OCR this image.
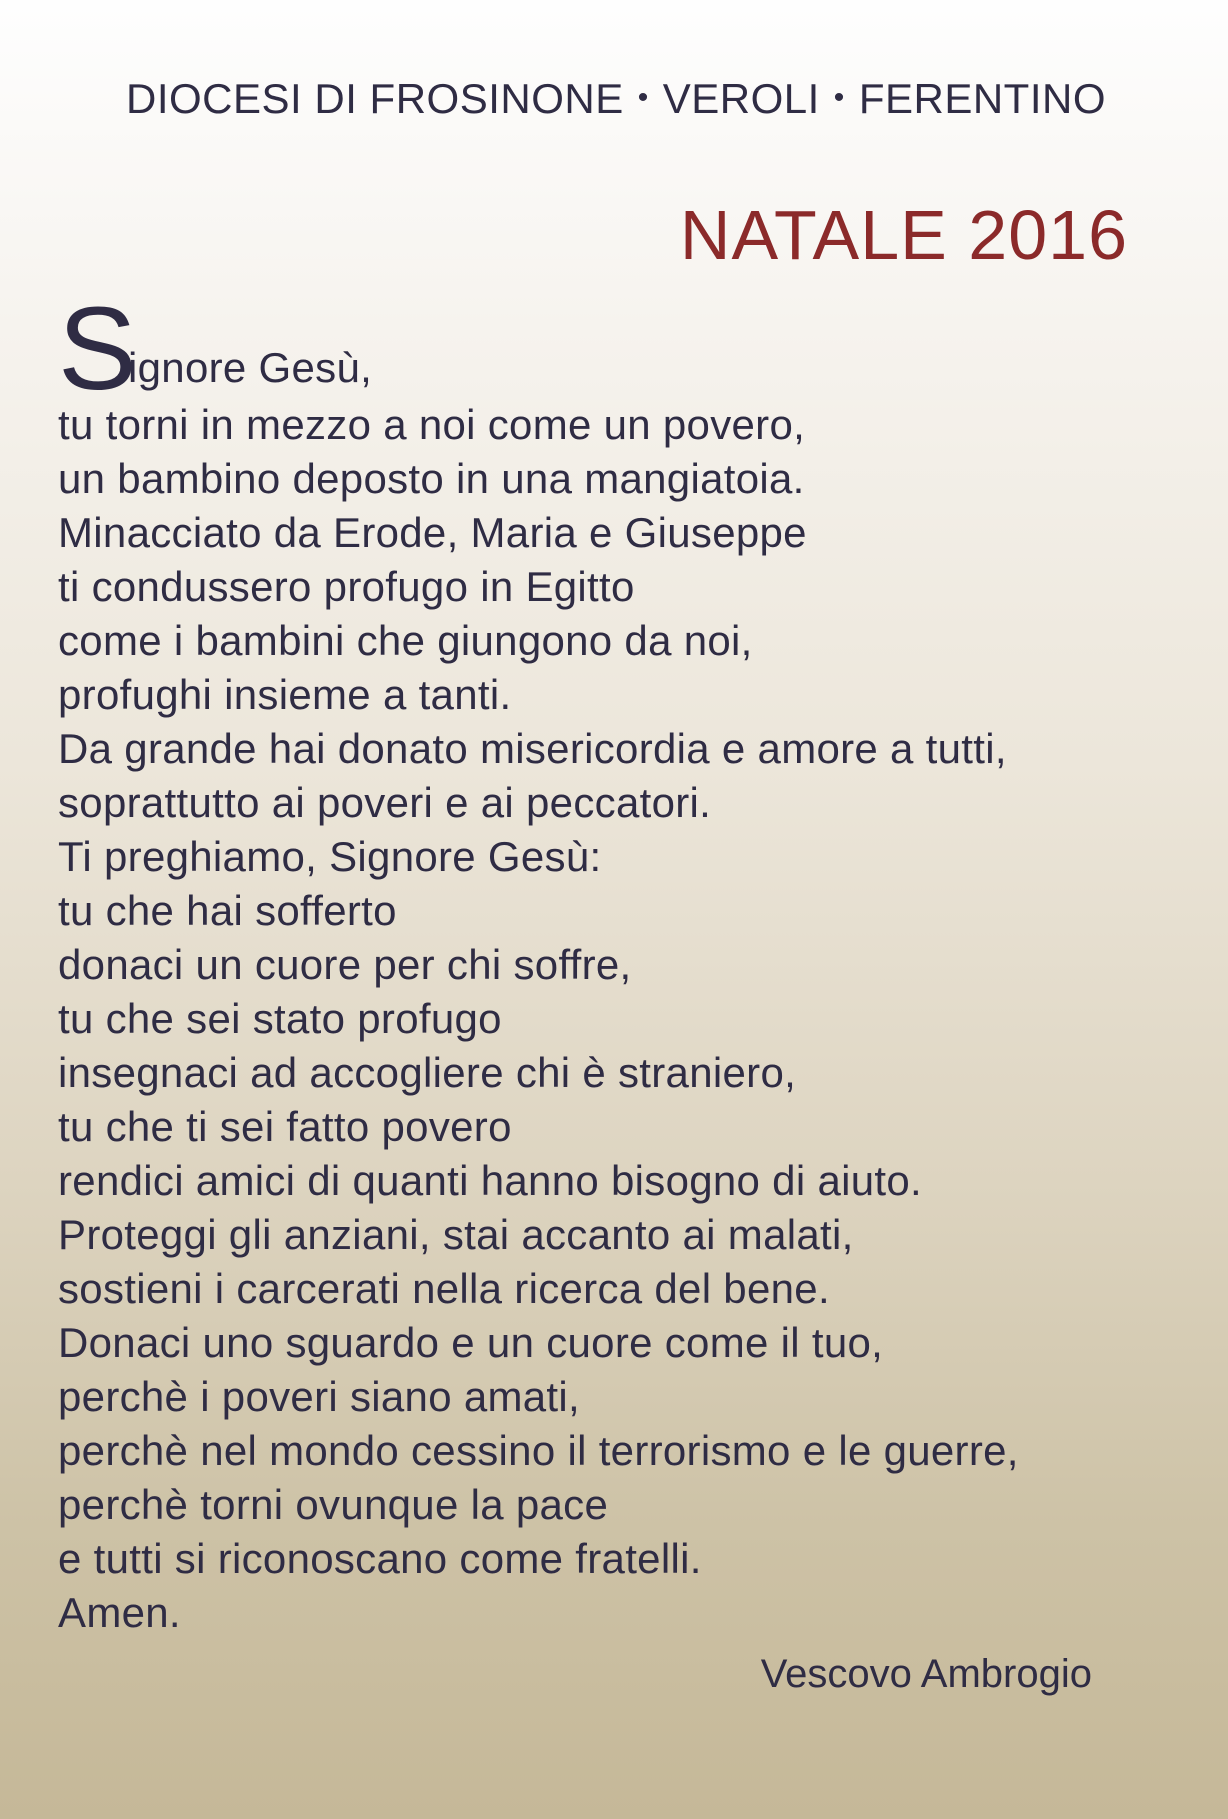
DIOCESI DI FROSINONE • VEROLI • FERENTINO
NATALE 2016
S
ignore Gesù,
tu torni in mezzo a noi come un povero,
un bambino deposto in una mangiatoia.
Minacciato da Erode, Maria e Giuseppe
ti condussero profugo in Egitto
come i bambini che giungono da noi,
profughi insieme a tanti.
Da grande hai donato misericordia e amore a tutti,
soprattutto ai poveri e ai peccatori.
Ti preghiamo, Signore Gesù:
tu che hai sofferto
donaci un cuore per chi soffre,
tu che sei stato profugo
insegnaci ad accogliere chi è straniero,
tu che ti sei fatto povero
rendici amici di quanti hanno bisogno di aiuto.
Proteggi gli anziani, stai accanto ai malati,
sostieni i carcerati nella ricerca del bene.
Donaci uno sguardo e un cuore come il tuo,
perchè i poveri siano amati,
perchè nel mondo cessino il terrorismo e le guerre,
perchè torni ovunque la pace
e tutti si riconoscano come fratelli.
Amen.
Vescovo Ambrogio
